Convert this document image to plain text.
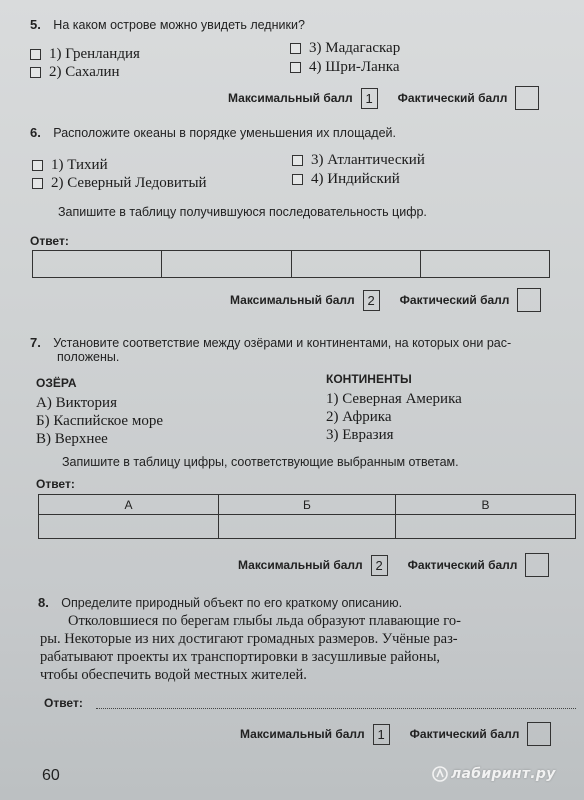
5. На каком острове можно увидеть ледники?
1) Гренландия
2) Сахалин
3) Мадагаскар
4) Шри-Ланка
Максимальный балл 1	Фактический балл
6. Расположите океаны в порядке уменьшения их площадей.
1) Тихий
2) Северный Ледовитый
3) Атлантический
4) Индийский
Запишите в таблицу получившуюся последовательность цифр.
Ответ:

Максимальный балл 2	Фактический балл
7. Установите соответствие между озёрами и континентами, на которых они рас-
положены.
ОЗЁРА
А) Виктория
Б) Каспийское море
В) Верхнее
КОНТИНЕНТЫ
1) Северная Америка
2) Африка
3) Евразия
Запишите в таблицу цифры, соответствующие выбранным ответам.
Ответ:
А	Б	В

Максимальный балл 2	Фактический балл
8. Определите природный объект по его краткому описанию.
Отколовшиеся по берегам глыбы льда образуют плавающие го-
ры. Некоторые из них достигают громадных размеров. Учёные раз-
рабатывают проекты их транспортировки в засушливые районы,
чтобы обеспечить водой местных жителей.
Ответ:
Максимальный балл 1	Фактический балл
60	лабиринт.ру
